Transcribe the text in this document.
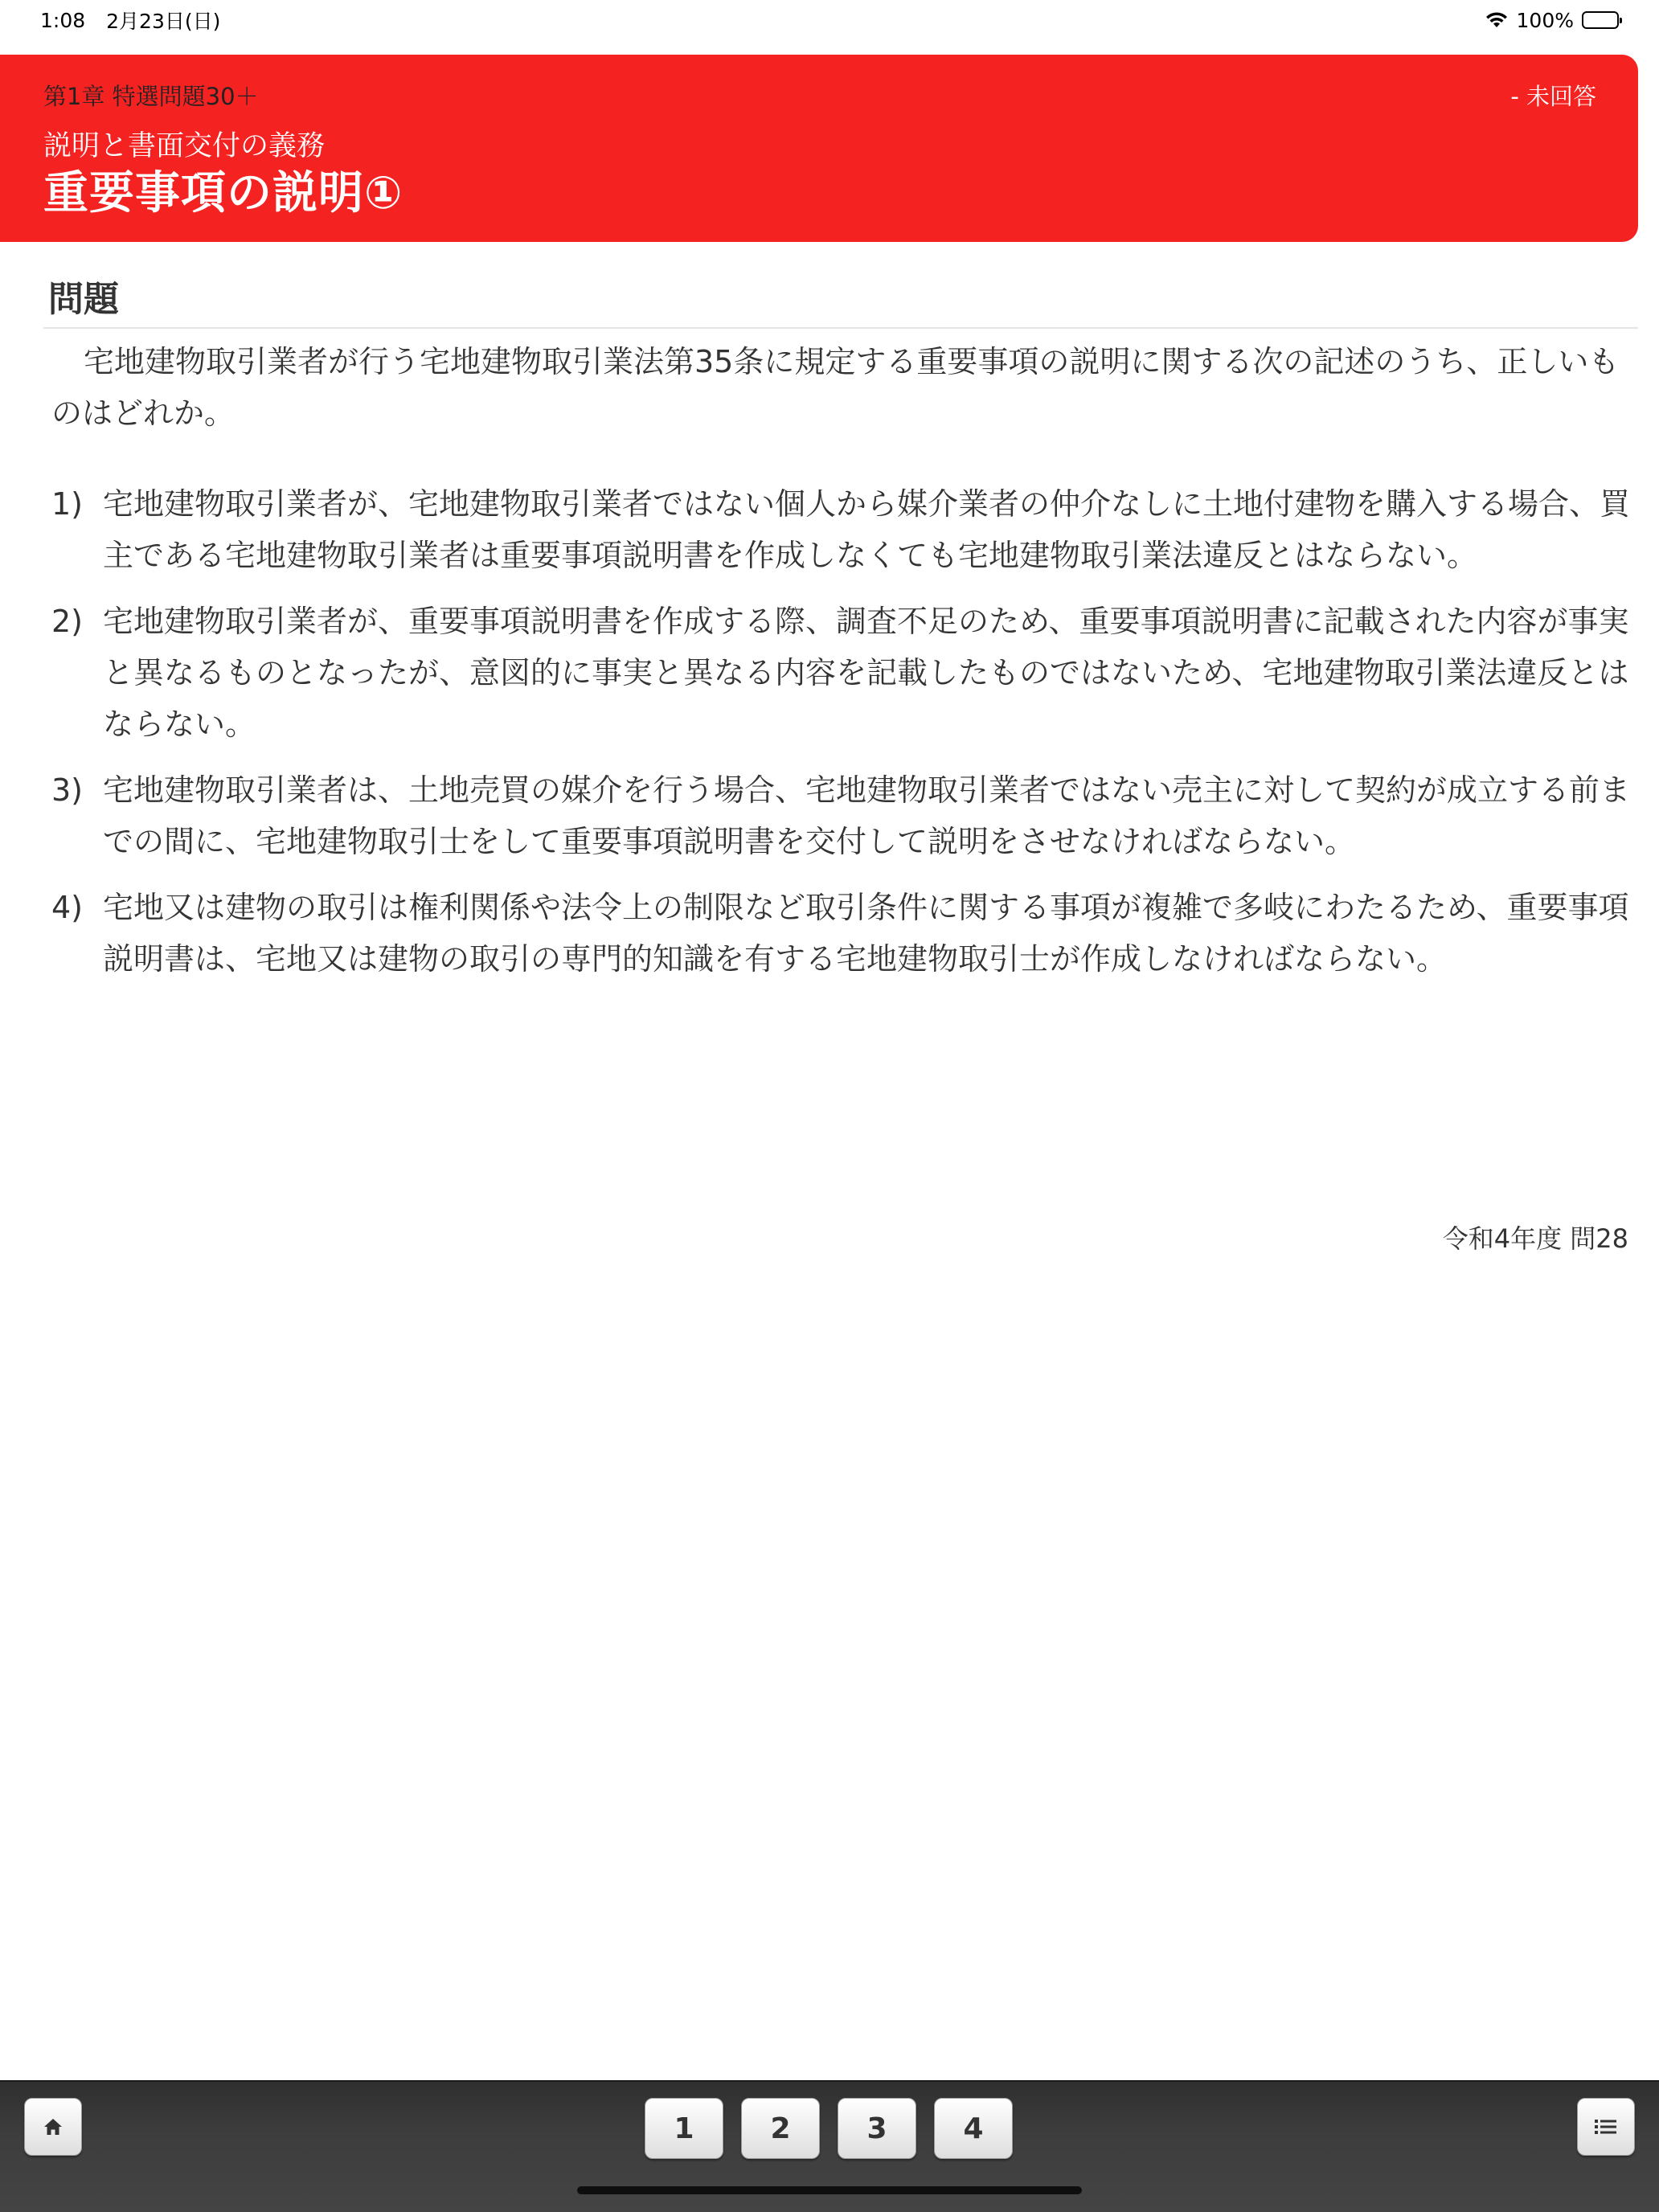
1:08 2月23日(日)	100%
第1章 特選問題30＋	- 未回答
説明と書面交付の義務
重要事項の説明①
問題
宅地建物取引業者が行う宅地建物取引業法第35条に規定する重要事項の説明に関する次の記述のうち、正しいものはどれか。
1) 宅地建物取引業者が、宅地建物取引業者ではない個人から媒介業者の仲介なしに土地付建物を購入する場合、買主である宅地建物取引業者は重要事項説明書を作成しなくても宅地建物取引業法違反とはならない。
2) 宅地建物取引業者が、重要事項説明書を作成する際、調査不足のため、重要事項説明書に記載された内容が事実と異なるものとなったが、意図的に事実と異なる内容を記載したものではないため、宅地建物取引業法違反とはならない。
3) 宅地建物取引業者は、土地売買の媒介を行う場合、宅地建物取引業者ではない売主に対して契約が成立する前までの間に、宅地建物取引士をして重要事項説明書を交付して説明をさせなければならない。
4) 宅地又は建物の取引は権利関係や法令上の制限など取引条件に関する事項が複雑で多岐にわたるため、重要事項説明書は、宅地又は建物の取引の専門的知識を有する宅地建物取引士が作成しなければならない。
令和4年度 問28
1	2	3	4
